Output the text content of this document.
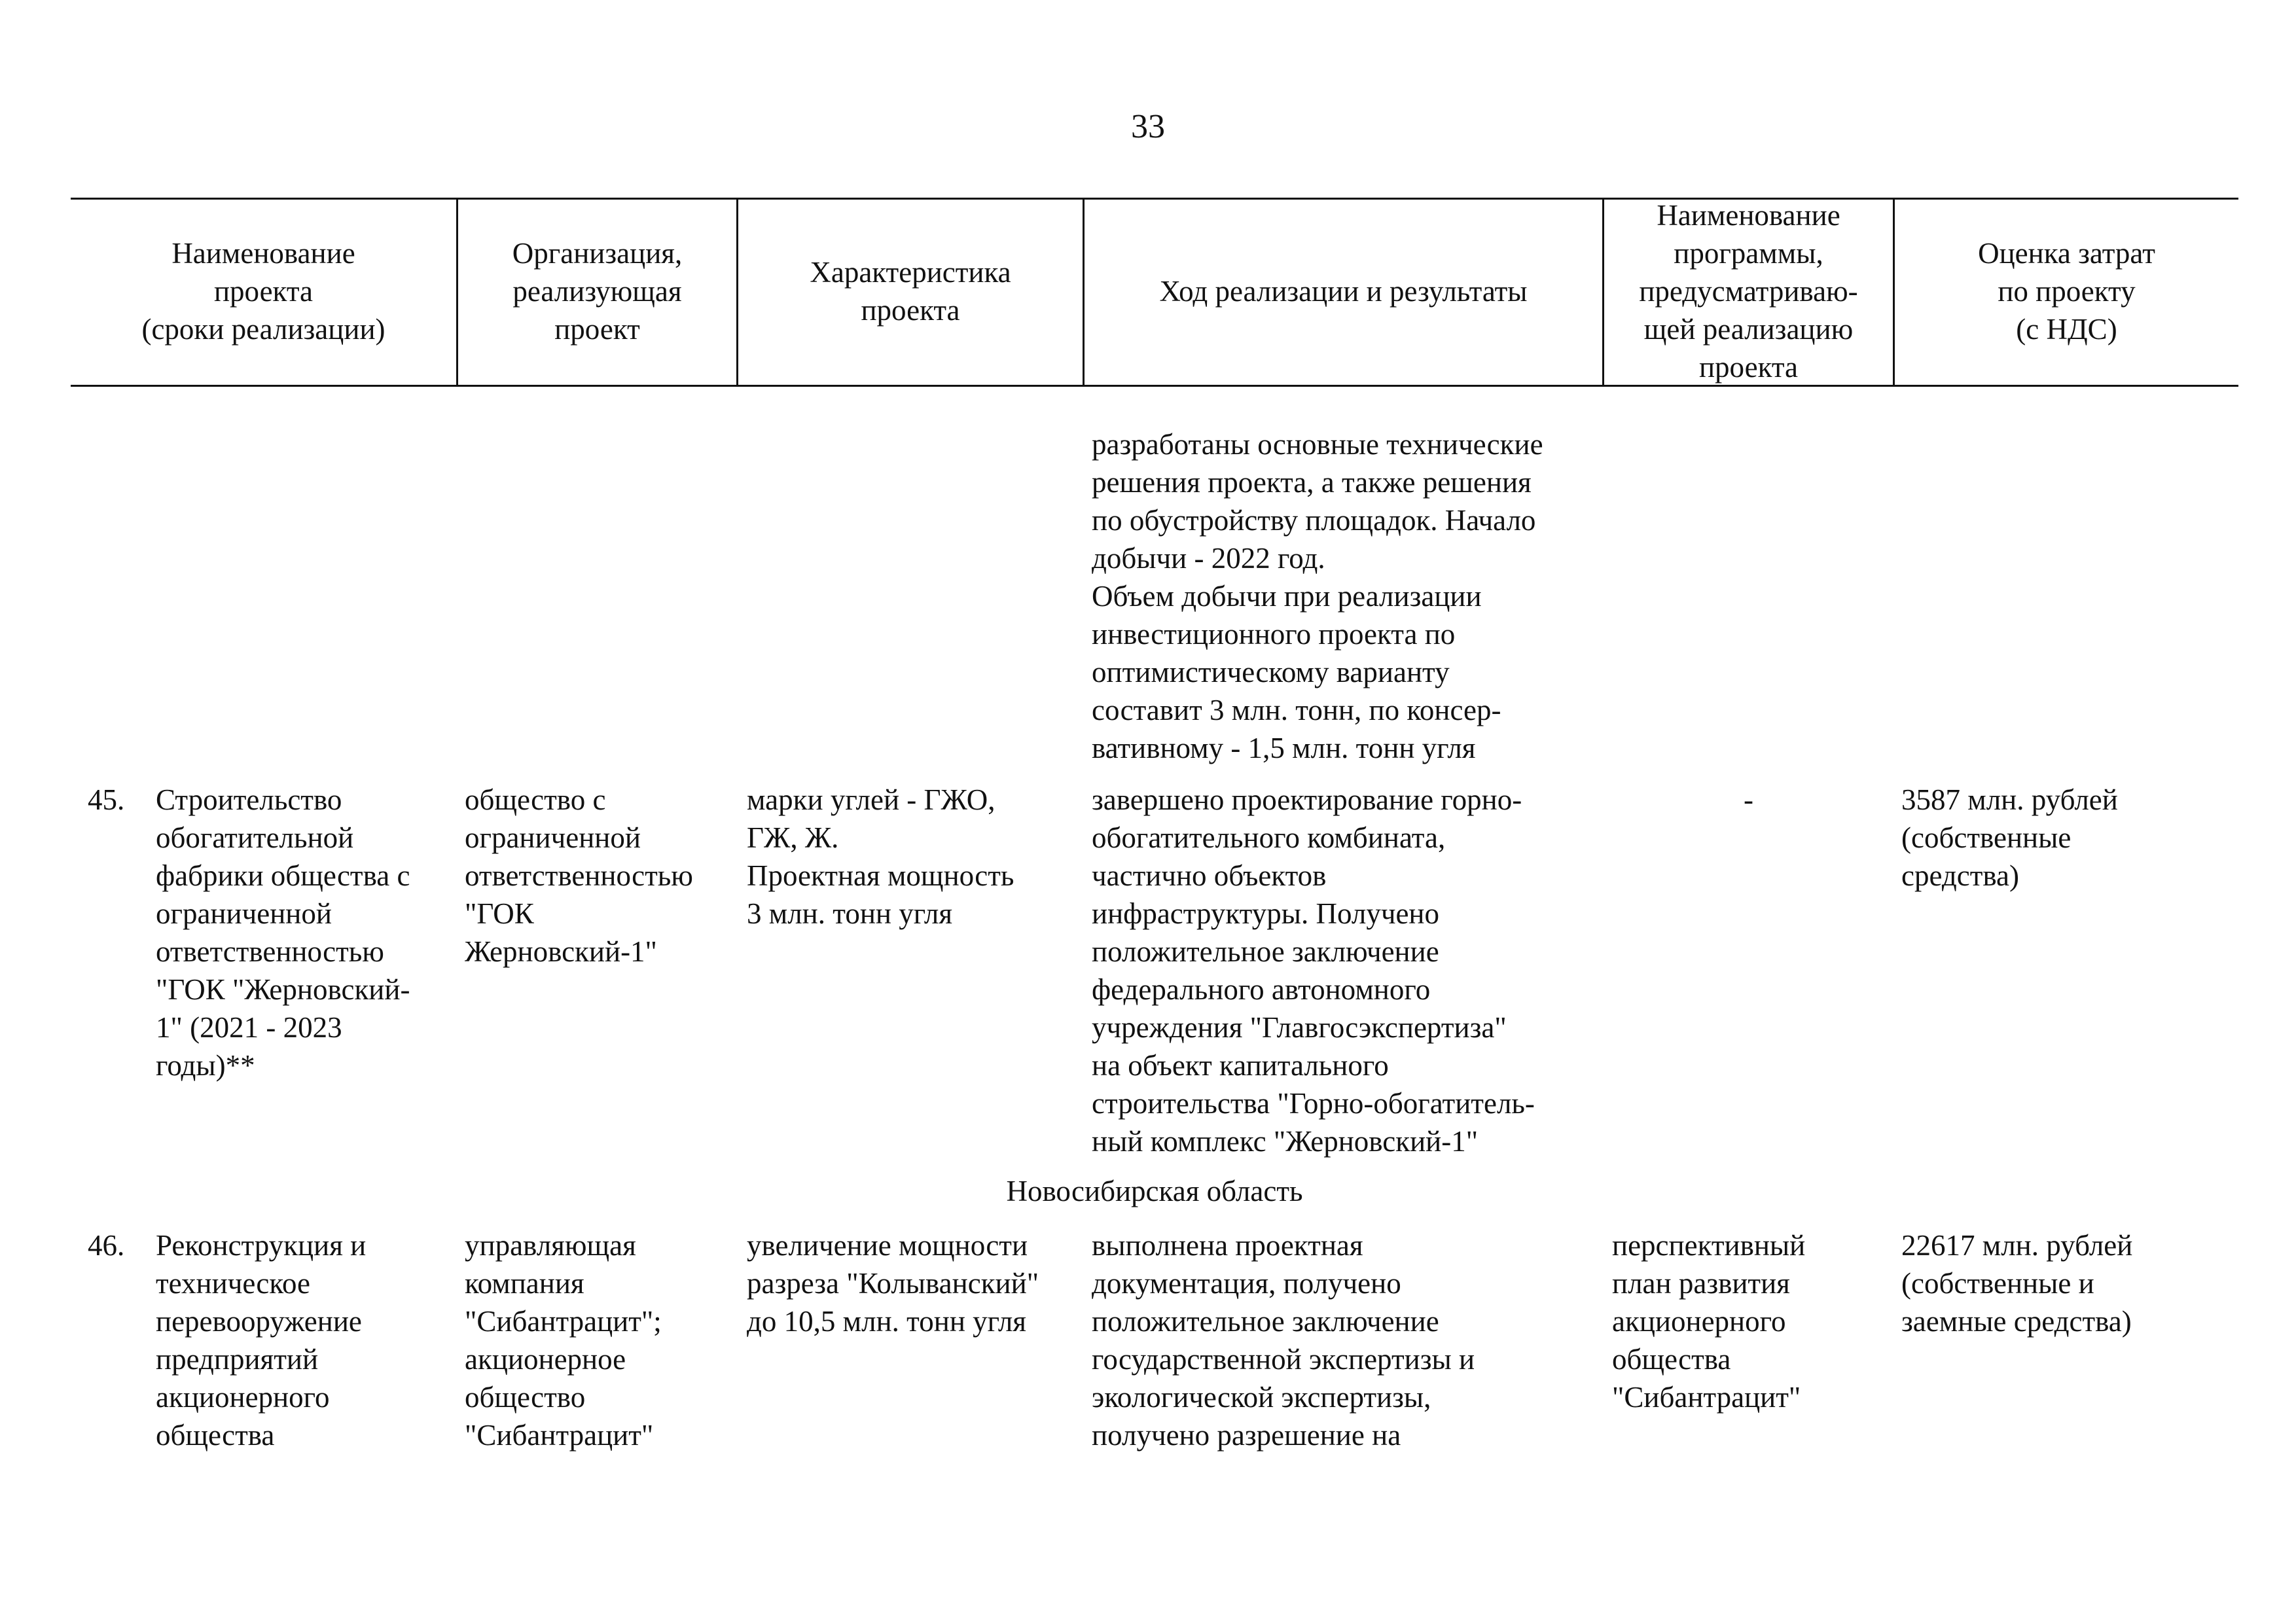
33
Наименование
проекта
(сроки реализации)
Организация,
реализующая
проект
Характеристика
проекта
Ход реализации и результаты
Наименование
программы,
предусматриваю-
щей реализацию
проекта
Оценка затрат
по проекту
(с НДС)
разработаны основные технические
решения проекта, а также решения
по обустройству площадок. Начало
добычи - 2022 год.
Объем добычи при реализации
инвестиционного проекта по
оптимистическому варианту
составит 3 млн. тонн, по консер-
вативному - 1,5 млн. тонн угля
45. Строительство
обогатительной
фабрики общества с
ограниченной
ответственностью
"ГОК "Жерновский-
1" (2021 - 2023
годы)**
общество с
ограниченной
ответственностью
"ГОК
Жерновский-1"
марки углей - ГЖО,
ГЖ, Ж.
Проектная мощность
3 млн. тонн угля
завершено проектирование горно-
обогатительного комбината,
частично объектов
инфраструктуры. Получено
положительное заключение
федерального автономного
учреждения "Главгосэкспертиза"
на объект капитального
строительства "Горно-обогатитель-
ный комплекс "Жерновский-1"
-	3587 млн. рублей
(собственные
средства)
Новосибирская область
46. Реконструкция и
техническое
перевооружение
предприятий
акционерного
общества
управляющая
компания
"Сибантрацит";
акционерное
общество
"Сибантрацит"
увеличение мощности
разреза "Колыванский"
до 10,5 млн. тонн угля
выполнена проектная
документация, получено
положительное заключение
государственной экспертизы и
экологической экспертизы,
получено разрешение на
перспективный
план развития
акционерного
общества
"Сибантрацит"
22617 млн. рублей
(собственные и
заемные средства)
